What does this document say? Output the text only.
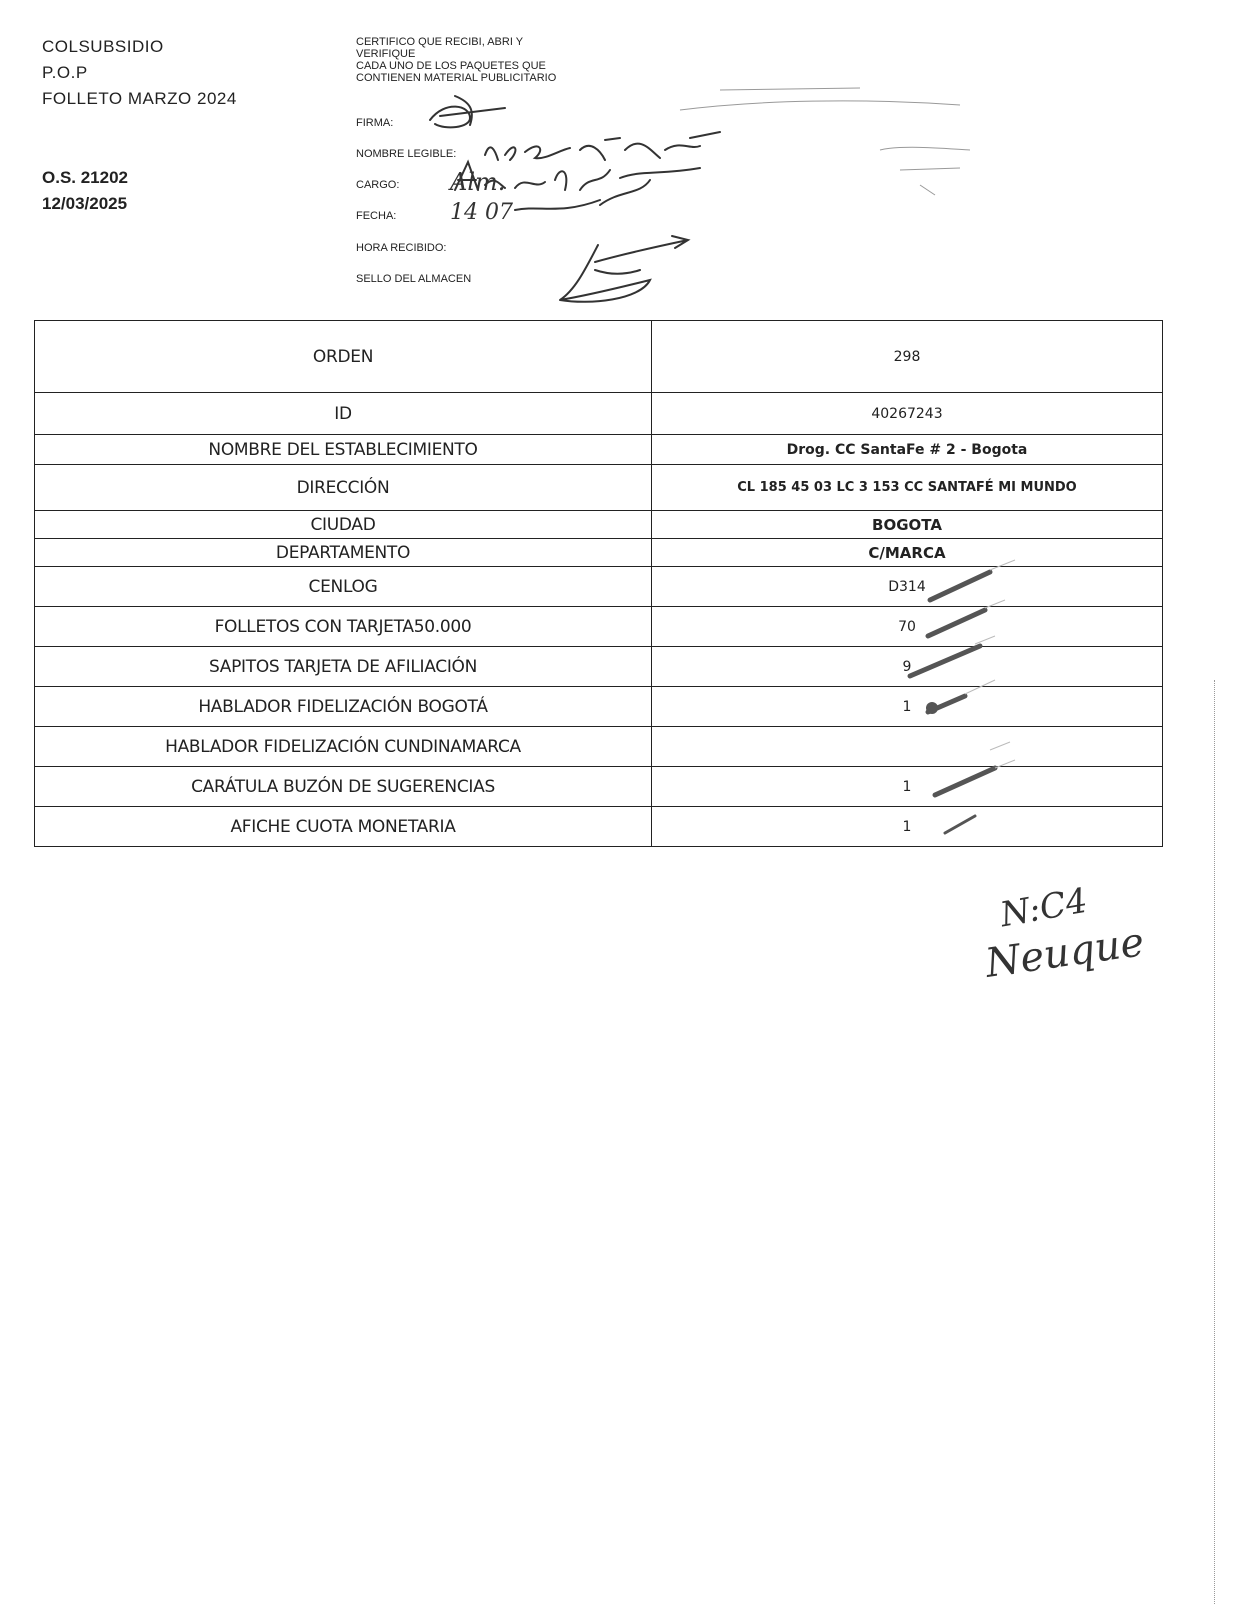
COLSUBSIDIO
P.O.P
FOLLETO MARZO 2024
O.S. 21202
12/03/2025
CERTIFICO QUE RECIBI, ABRI Y
VERIFIQUE
CADA UNO DE LOS PAQUETES QUE
CONTIENEN MATERIAL PUBLICITARIO
FIRMA:
NOMBRE LEGIBLE:
CARGO:
FECHA:
HORA RECIBIDO:
SELLO DEL ALMACEN
Alm.
14 07
ORDEN	298
ID	40267243
NOMBRE DEL ESTABLECIMIENTO	Drog. CC SantaFe # 2 - Bogota
DIRECCIÓN	CL 185 45 03 LC 3 153 CC SANTAFÉ MI MUNDO
CIUDAD	BOGOTA
DEPARTAMENTO	C/MARCA
CENLOG	D314
FOLLETOS CON TARJETA50.000	70
SAPITOS TARJETA DE AFILIACIÓN	9
HABLADOR FIDELIZACIÓN BOGOTÁ	1
HABLADOR FIDELIZACIÓN CUNDINAMARCA	
CARÁTULA BUZÓN DE SUGERENCIAS	1
AFICHE CUOTA MONETARIA	1
N:C4
Neuque
